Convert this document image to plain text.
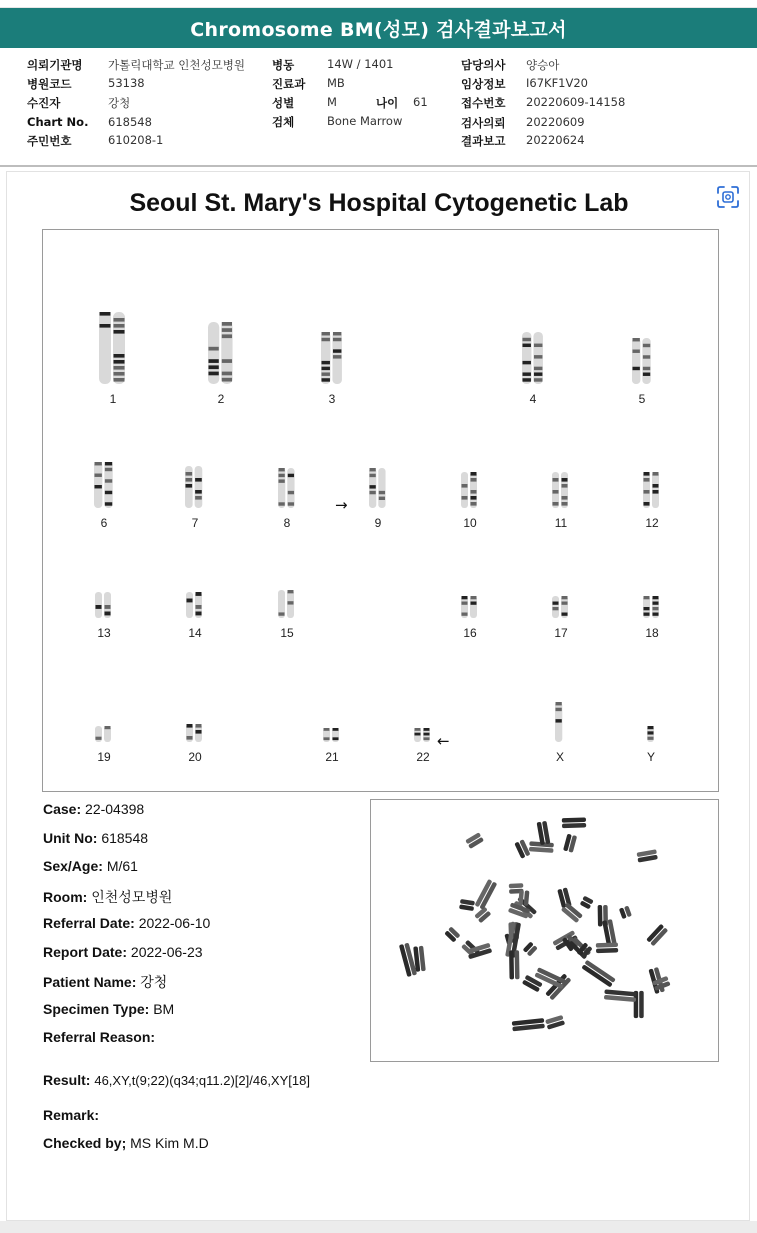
Chromosome BM(성모) 검사결과보고서
의뢰기관명 가톨릭대학교 인천성모병원
병원코드	53138
수진자	강청
Chart No. 618548
주민번호	610208-1
병동	14W / 1401
진료과 MB
성별	M	나이 61
검체	Bone Marrow
담당의사 양승아
임상정보 I67KF1V20
접수번호 20220609-14158
검사의뢰 20220609
결과보고 20220624
Seoul St. Mary's Hospital Cytogenetic Lab
→
←
1	2	3	4	5
6	7	8	9	10	11	12
13	14	15	16	17	18
19	20	21	22	X	Y
Case: 22-04398
Unit No: 618548
Sex/Age: M/61
Room: 인천성모병원
Referral Date: 2022-06-10
Report Date: 2022-06-23
Patient Name: 강청
Specimen Type: BM
Referral Reason:
Result: 46,XY,t(9;22)(q34;q11.2)[2]/46,XY[18]
Remark:
Checked by; MS Kim M.D
